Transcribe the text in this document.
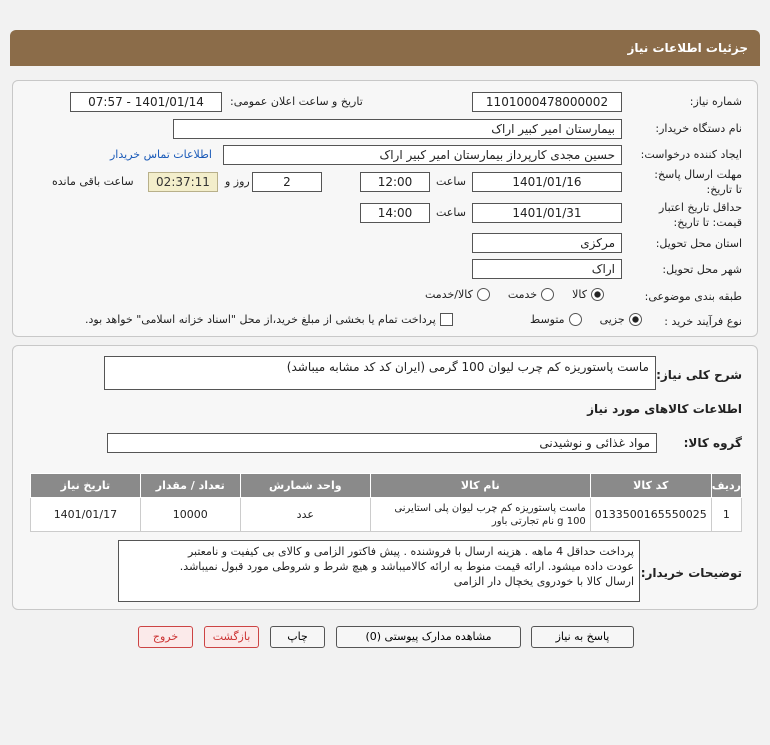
جزئیات اطلاعات نیاز
شماره نیاز:
1101000478000002
تاریخ و ساعت اعلان عمومی:
1401/01/14 - 07:57
نام دستگاه خریدار:
بیمارستان امیر کبیر اراک
ایجاد کننده درخواست:
حسین مجدی کارپرداز بیمارستان امیر کبیر اراک
اطلاعات تماس خریدار
مهلت ارسال پاسخ: تا تاریخ:
1401/01/16
ساعت
12:00
2
روز و
02:37:11
ساعت باقی مانده
حداقل تاریخ اعتبار قیمت: تا تاریخ:
1401/01/31
ساعت
14:00
استان محل تحویل:
مرکزی
شهر محل تحویل:
اراک
طبقه بندی موضوعی:
کالا
خدمت
کالا/خدمت
نوع فرآیند خرید :
جزیی
متوسط
پرداخت تمام یا بخشی از مبلغ خرید،از محل "اسناد خزانه اسلامی" خواهد بود.
شرح کلی نیاز:
ماست پاستوریزه کم چرب لیوان 100 گرمی (ایران کد کد مشابه میباشد)
اطلاعات کالاهای مورد نیاز
گروه کالا:
مواد غذائی و نوشیدنی
ردیف	کد کالا	نام کالا	واحد شمارش	تعداد / مقدار	تاریخ نیاز
1	0133500165550025	ماست پاستوریزه کم چرب لیوان پلی استایرنی 100 g نام تجارتی باور	عدد	10000	1401/01/17
توضیحات خریدار:
پرداخت حداقل 4 ماهه . هزینه ارسال با فروشنده . پیش فاکتور الزامی و کالای بی کیفیت و نامعتبر
عودت داده میشود. ارائه قیمت منوط به ارائه کالامیباشد و هیچ شرط و شروطی مورد قبول نمیباشد.
ارسال کالا با خودروی یخچال دار الزامی
پاسخ به نیاز
مشاهده مدارک پیوستی (0)
چاپ
بازگشت
خروج
